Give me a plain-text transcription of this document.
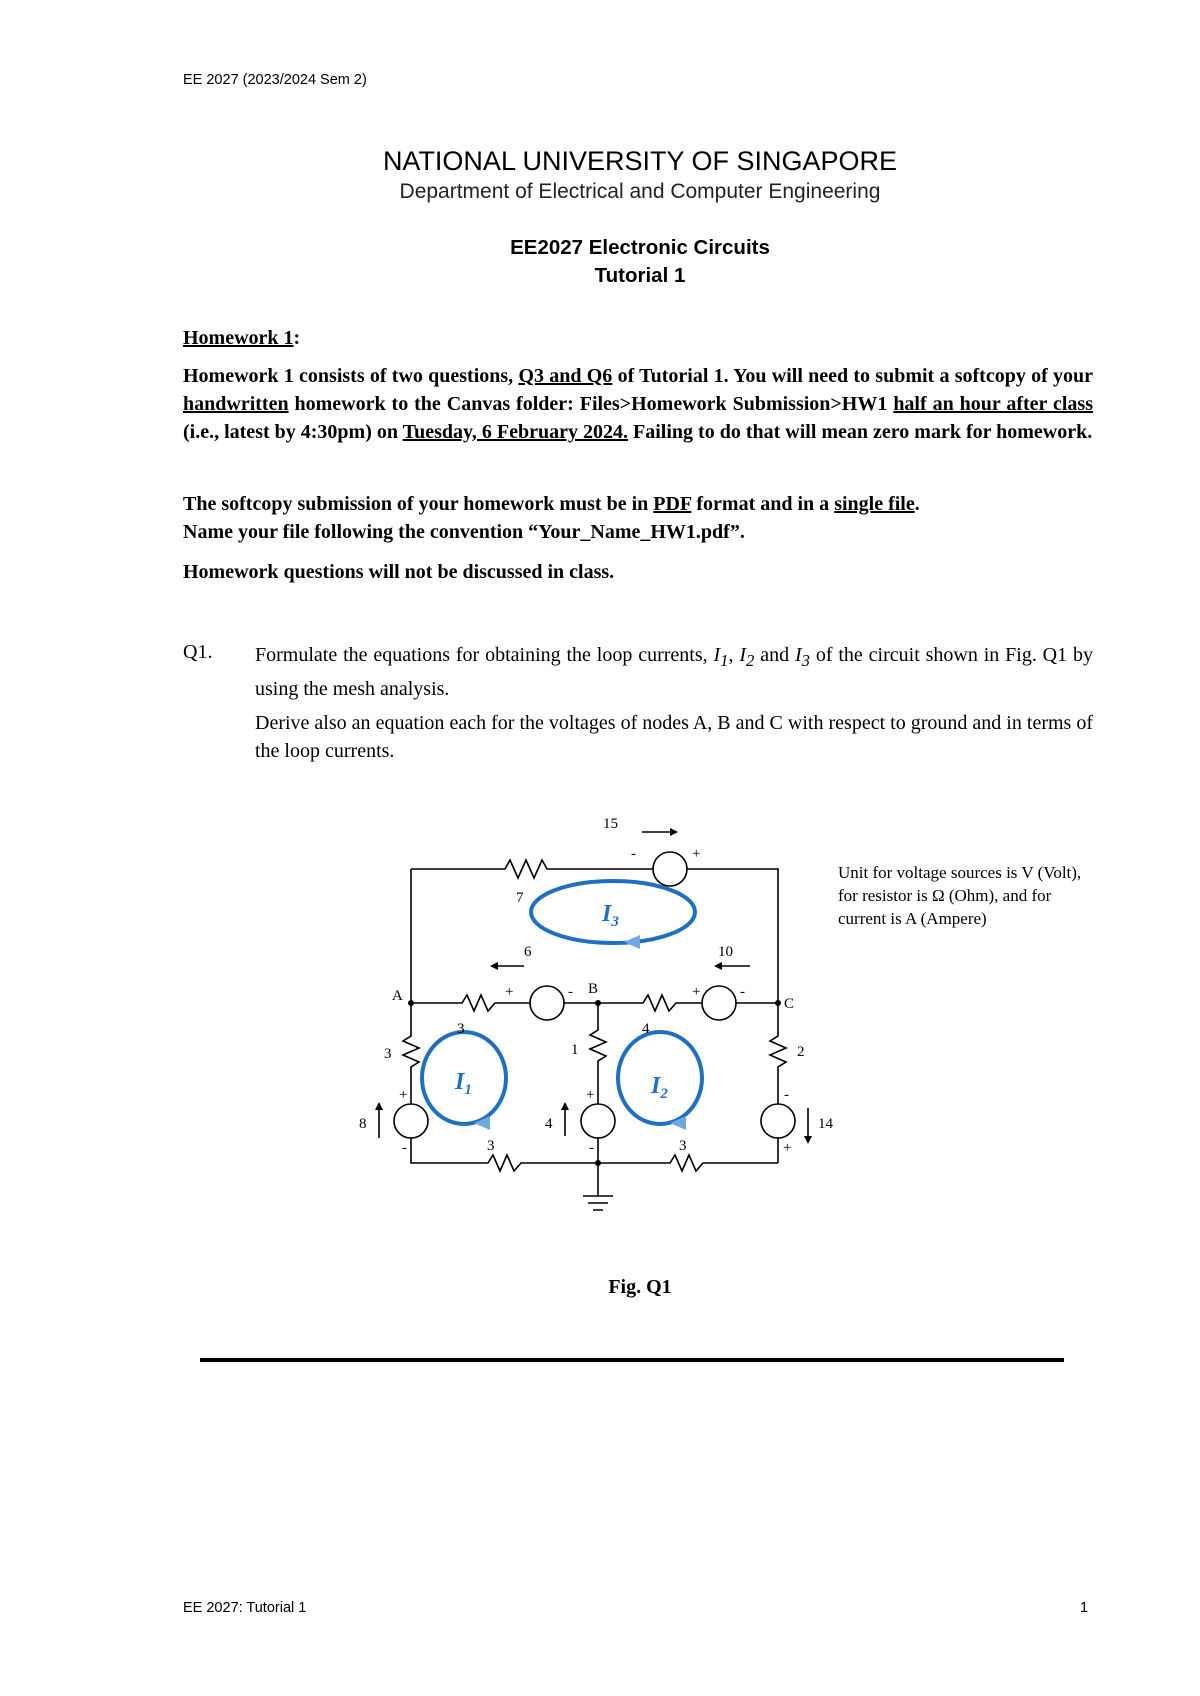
EE 2027 (2023/2024 Sem 2)
NATIONAL UNIVERSITY OF SINGAPORE
Department of Electrical and Computer Engineering
EE2027 Electronic Circuits
Tutorial 1
Homework 1:
Homework 1 consists of two questions, Q3 and Q6 of Tutorial 1. You will need to submit a softcopy of your handwritten homework to the Canvas folder: Files>Homework Submission>HW1 half an hour after class (i.e., latest by 4:30pm) on Tuesday, 6 February 2024. Failing to do that will mean zero mark for homework.
The softcopy submission of your homework must be in PDF format and in a single file.
Name your file following the convention “Your_Name_HW1.pdf”.
Homework questions will not be discussed in class.
Q1. Formulate the equations for obtaining the loop currents, $I_1$, $I_2$ and $I_3$ of the circuit shown in Fig. Q1 by using the mesh analysis.
Derive also an equation each for the voltages of nodes A, B and C with respect to ground and in terms of the loop currents.
15
7
-	+
6	10
A	B
C
+	-	+	-
3	4
3	1	2
+
-
+
-
-
+
8	4	14
3	3
$I_3$
$I_1$	$I_2$
Unit for voltage sources is V (Volt), for resistor is Ω (Ohm), and for current is A (Ampere)
Fig. Q1
EE 2027: Tutorial 1	1
